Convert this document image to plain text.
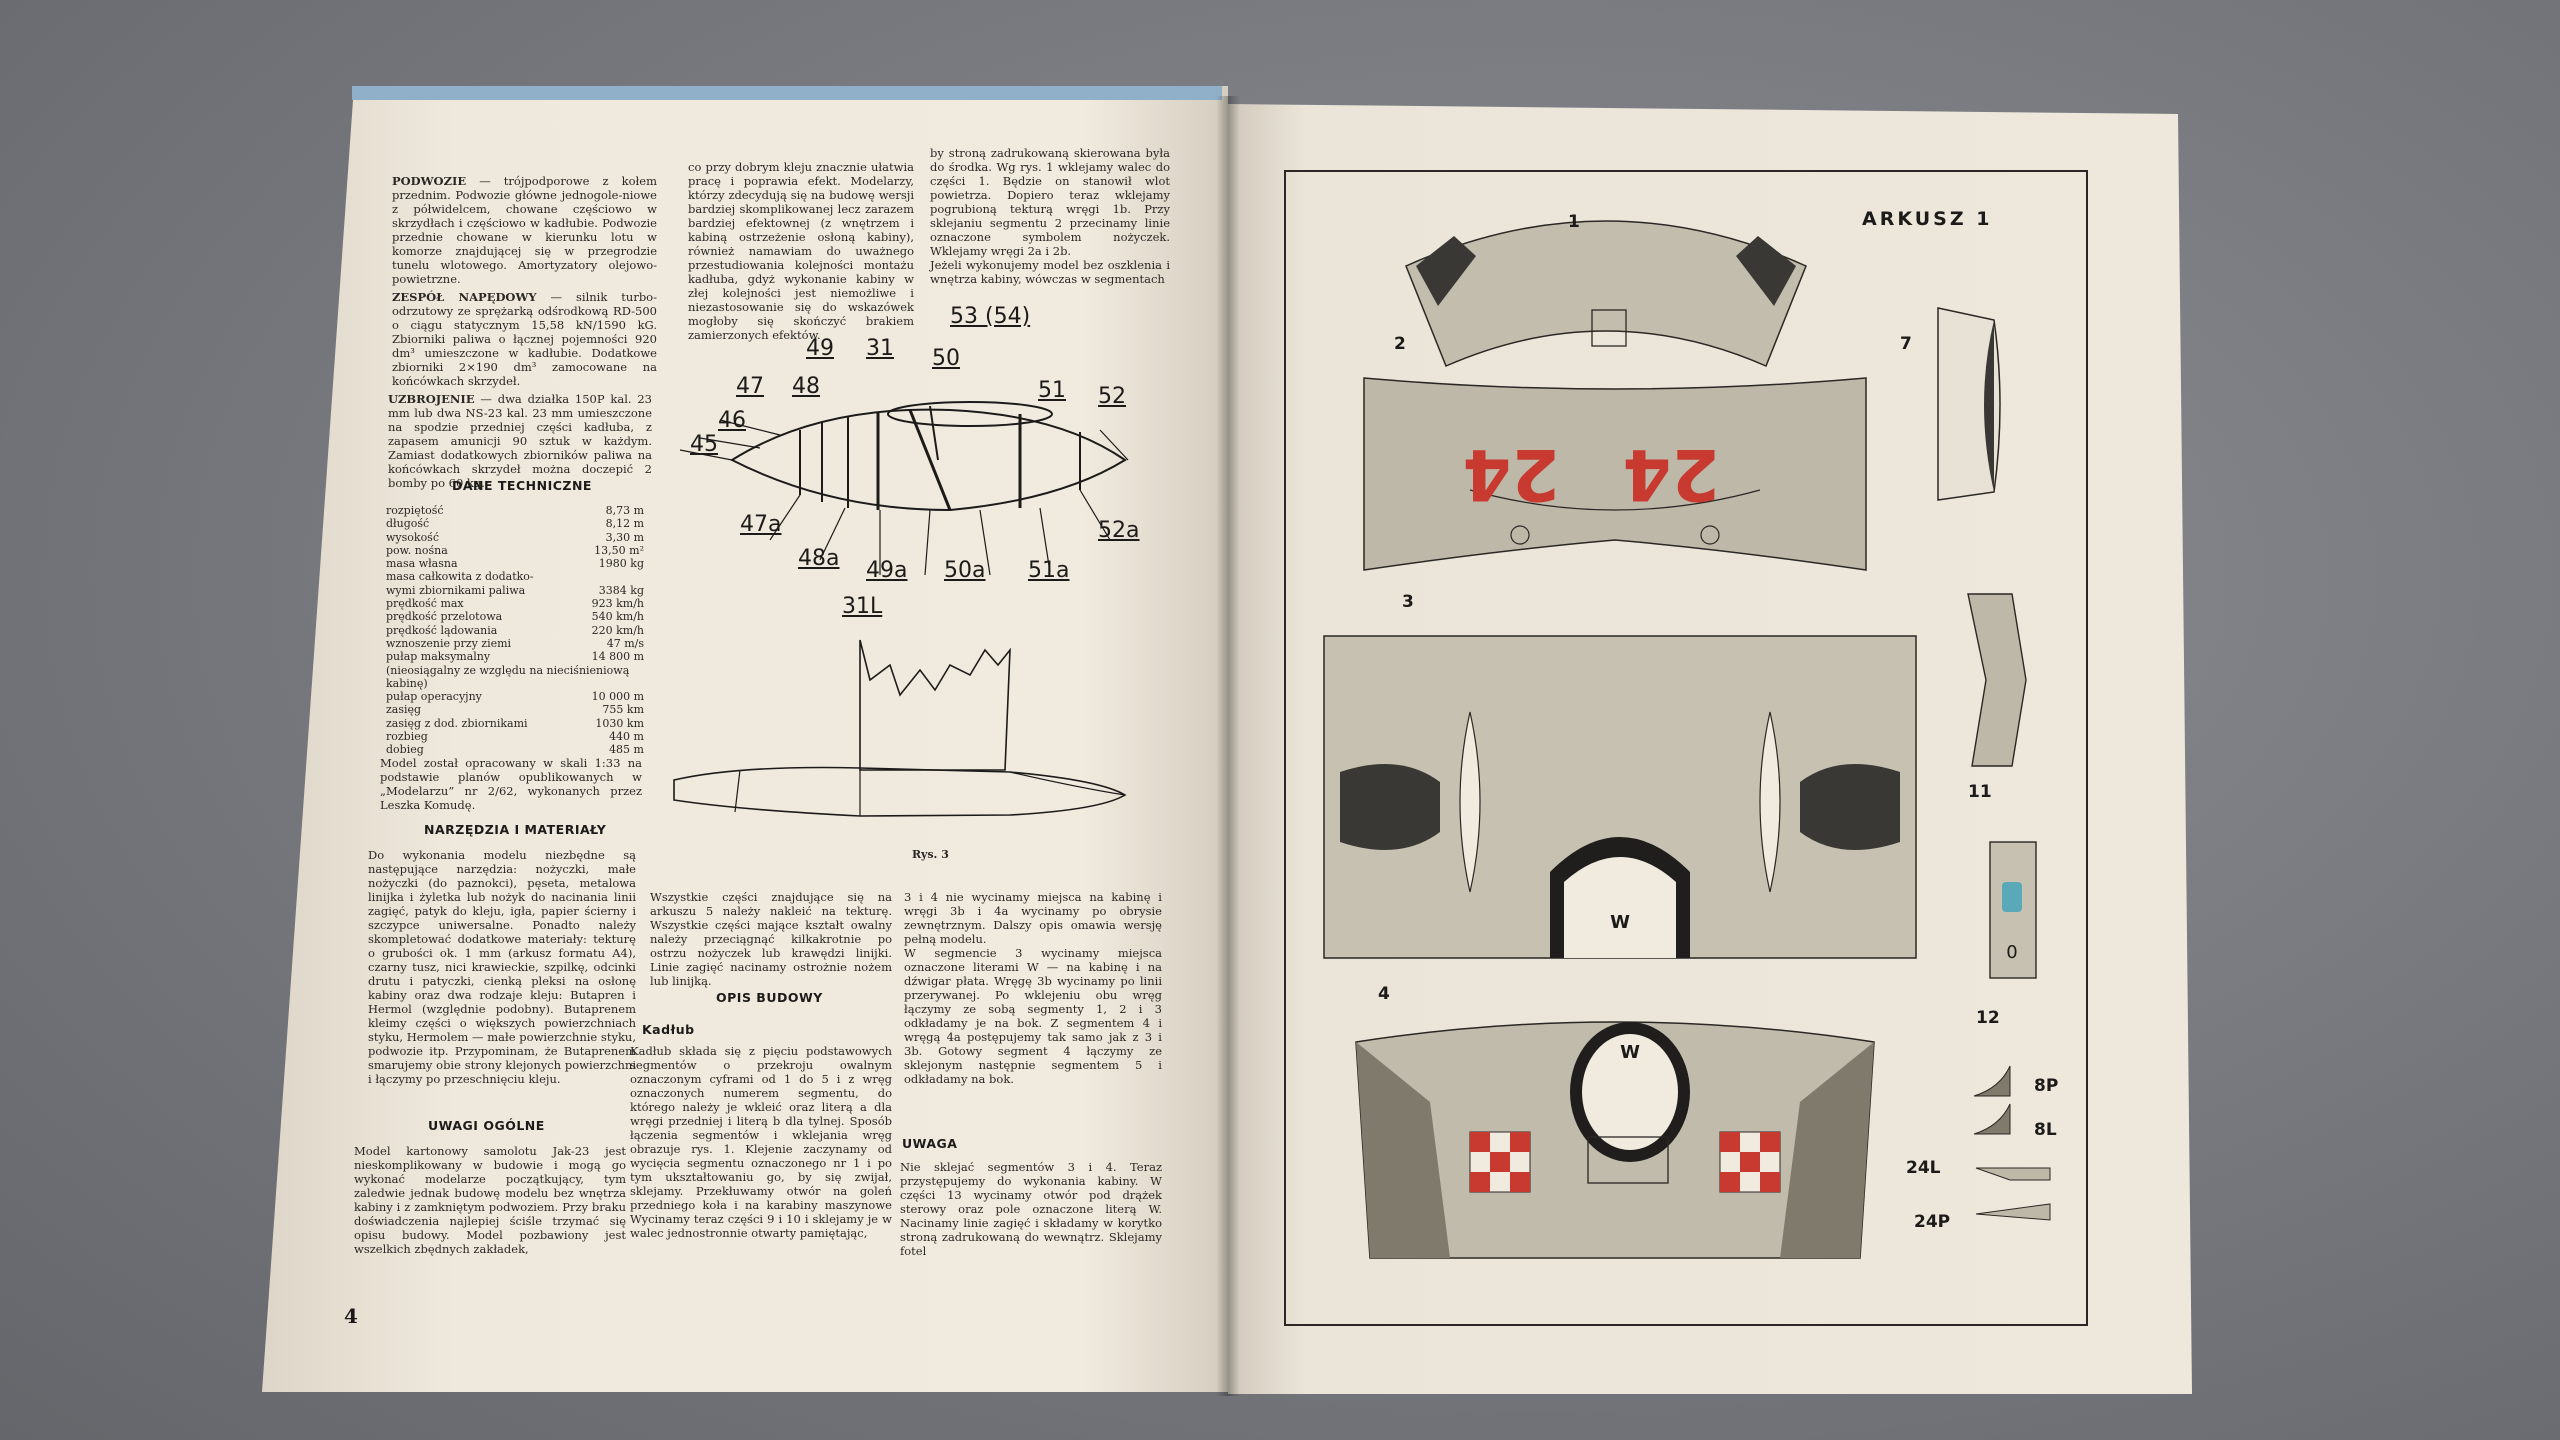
PODWOZIE — trójpodporowe z kołem przednim. Podwozie główne jednogole-niowe z półwidelcem, chowane częściowo w skrzydłach i częściowo w kadłubie. Podwozie przednie chowane w kierunku lotu w komorze znajdującej się w przegrodzie tunelu wlotowego. Amortyzatory olejowo-powietrzne.

ZESPÓŁ NAPĘDOWY — silnik turbo-odrzutowy ze sprężarką odśrodkową RD-500 o ciągu statycznym 15,58 kN/1590 kG. Zbiorniki paliwa o łącznej pojemności 920 dm³ umieszczone w kadłubie. Dodatkowe zbiorniki 2×190 dm³ zamocowane na końcówkach skrzydeł.

UZBROJENIE — dwa działka 150P kal. 23 mm lub dwa NS-23 kal. 23 mm umieszczone na spodzie przedniej części kadłuba, z zapasem amunicji 90 sztuk w każdym. Zamiast dodatkowych zbiorników paliwa na końcówkach skrzydeł można doczepić 2 bomby po 60 kg.

DANE TECHNICZNE
rozpiętość	8,73 m
długość	8,12 m
wysokość	3,30 m
pow. nośna	13,50 m²
masa własna	1980 kg
masa całkowita z dodatko-
wymi zbiornikami paliwa	3384 kg
prędkość max	923 km/h
prędkość przelotowa	540 km/h
prędkość lądowania	220 km/h
wznoszenie przy ziemi	47 m/s
pułap maksymalny	14 800 m
(nieosiągalny ze względu na nieciśnieniową kabinę)
pułap operacyjny	10 000 m
zasięg	755 km
zasięg z dod. zbiornikami	1030 km
rozbieg	440 m
dobieg	485 m
Model został opracowany w skali 1:33 na podstawie planów opublikowanych w „Modelarzu” nr 2/62, wykonanych przez Leszka Komudę.
NARZĘDZIA I MATERIAŁY
Do wykonania modelu niezbędne są następujące narzędzia: nożyczki, małe nożyczki (do paznokci), pęseta, metalowa linijka i żyletka lub nożyk do nacinania linii zagięć, patyk do kleju, igła, papier ścierny i szczypce uniwersalne. Ponadto należy skompletować dodatkowe materiały: tekturę o grubości ok. 1 mm (arkusz formatu A4), czarny tusz, nici krawieckie, szpilkę, odcinki drutu i patyczki, cienką pleksi na osłonę kabiny oraz dwa rodzaje kleju: Butapren i Hermol (względnie podobny). Butaprenem kleimy części o większych powierzchniach styku, Hermolem — małe powierzchnie styku, podwozie itp. Przypominam, że Butaprenem smarujemy obie strony klejonych powierzchni i łączymy po przeschnięciu kleju.
UWAGI OGÓLNE
Model kartonowy samolotu Jak-23 jest nieskomplikowany w budowie i mogą go wykonać modelarze początkujący, tym zaledwie jednak budowę modelu bez wnętrza kabiny i z zamkniętym podwoziem. Przy braku doświadczenia najlepiej ściśle trzymać się opisu budowy. Model pozbawiony jest wszelkich zbędnych zakładek,
co przy dobrym kleju znacznie ułatwia pracę i poprawia efekt. Modelarzy, którzy zdecydują się na budowę wersji bardziej skomplikowanej lecz zarazem bardziej efektownej (z wnętrzem i kabiną ostrzeżenie osłoną kabiny), również namawiam do uważnego przestudiowania kolejności montażu kadłuba, gdyż wykonanie kabiny w złej kolejności jest niemożliwe i niezastosowanie się do wskazówek mogłoby się skończyć brakiem zamierzonych efektów.
by stroną zadrukowaną skierowana była do środka. Wg rys. 1 wklejamy walec do części 1. Będzie on stanowił wlot powietrza. Dopiero teraz wklejamy pogrubioną tekturą wręgi 1b. Przy sklejaniu segmentu 2 przecinamy linie oznaczone symbolem nożyczek. Wklejamy wręgi 2a i 2b.
Jeżeli wykonujemy model bez oszklenia i wnętrza kabiny, wówczas w segmentach
53 (54)
49 31 50
47 48	51 52
46
45
47a
48a 49a 50a 51a
52a
31L
Rys. 3
Wszystkie części znajdujące się na arkuszu 5 należy nakleić na tekturę. Wszystkie części mające kształt owalny należy przeciągnąć kilkakrotnie po ostrzu nożyczek lub krawędzi linijki. Linie zagięć nacinamy ostrożnie nożem lub linijką.
OPIS BUDOWY
Kadłub
Kadłub składa się z pięciu podstawowych segmentów o przekroju owalnym oznaczonym cyframi od 1 do 5 i z wręg oznaczonych numerem segmentu, do którego należy je wkleić oraz literą a dla wręgi przedniej i literą b dla tylnej. Sposób łączenia segmentów i wklejania wręg obrazuje rys. 1. Klejenie zaczynamy od wycięcia segmentu oznaczonego nr 1 i po tym ukształtowaniu go, by się zwijał, sklejamy. Przekłuwamy otwór na goleń przedniego koła i na karabiny maszynowe Wycinamy teraz części 9 i 10 i sklejamy je w walec jednostronnie otwarty pamiętając,
3 i 4 nie wycinamy miejsca na kabinę i wręgi 3b i 4a wycinamy po obrysie zewnętrznym. Dalszy opis omawia wersję pełną modelu.
W segmencie 3 wycinamy miejsca oznaczone literami W — na kabinę i na dźwigar płata. Wręgę 3b wycinamy po linii przerywanej. Po wklejeniu obu wręg łączymy ze sobą segmenty 1, 2 i 3 odkładamy je na bok. Z segmentem 4 i wręgą 4a postępujemy tak samo jak z 3 i 3b. Gotowy segment 4 łączymy ze sklejonym następnie segmentem 5 i odkładamy na bok.
UWAGA
Nie sklejać segmentów 3 i 4. Teraz przystępujemy do wykonania kabiny. W części 13 wycinamy otwór pod drążek sterowy oraz pole oznaczone literą W. Nacinamy linie zagięć i składamy w korytko stroną zadrukowaną do wewnątrz. Sklejamy fotel
4
ARKUSZ 1
1
24 24
2
W
3
W
4
7
11
0
12
8P
8L
24L
24P
